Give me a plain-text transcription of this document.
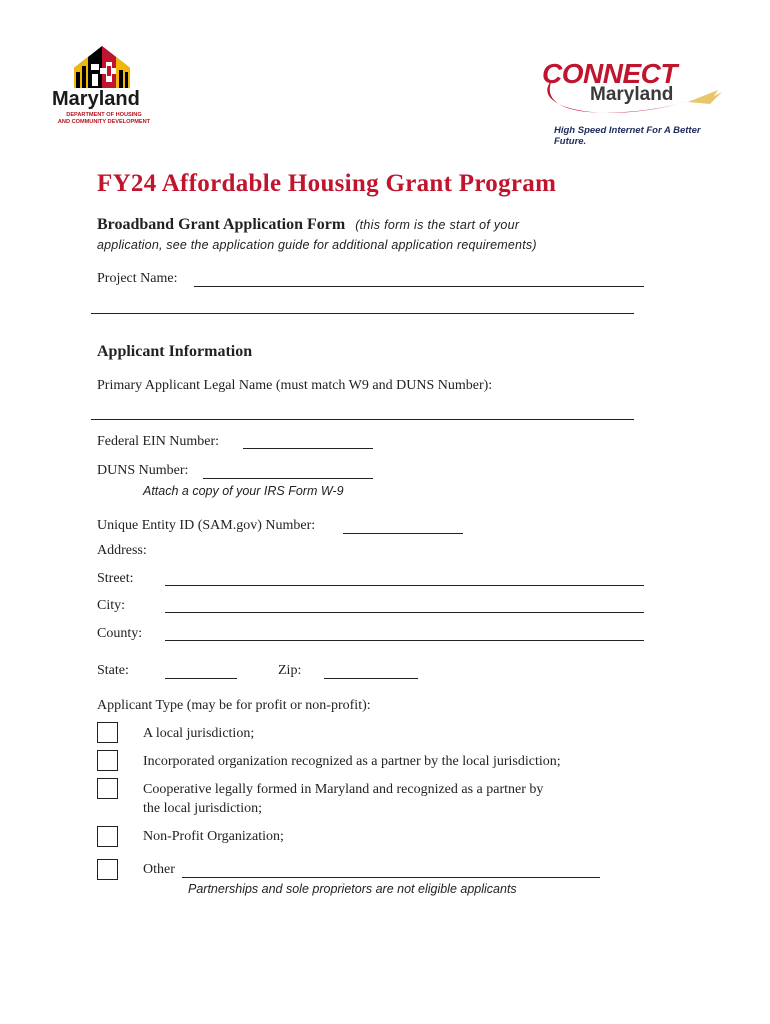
Maryland
DEPARTMENT OF HOUSING
AND COMMUNITY DEVELOPMENT
CONNECT
Maryland
High Speed Internet For A Better Future.
FY24 Affordable Housing Grant Program
Broadband Grant Application Form (this form is the start of your
application, see the application guide for additional application requirements)
Project Name:
Applicant Information
Primary Applicant Legal Name (must match W9 and DUNS Number):
Federal EIN Number:
DUNS Number:
Attach a copy of your IRS Form W-9
Unique Entity ID (SAM.gov) Number:
Address:
Street:
City:
County:
State:	Zip:
Applicant Type (may be for profit or non-profit):
A local jurisdiction;
Incorporated organization recognized as a partner by the local jurisdiction;
Cooperative legally formed in Maryland and recognized as a partner by
the local jurisdiction;
Non-Profit Organization;
Other
Partnerships and sole proprietors are not eligible applicants
